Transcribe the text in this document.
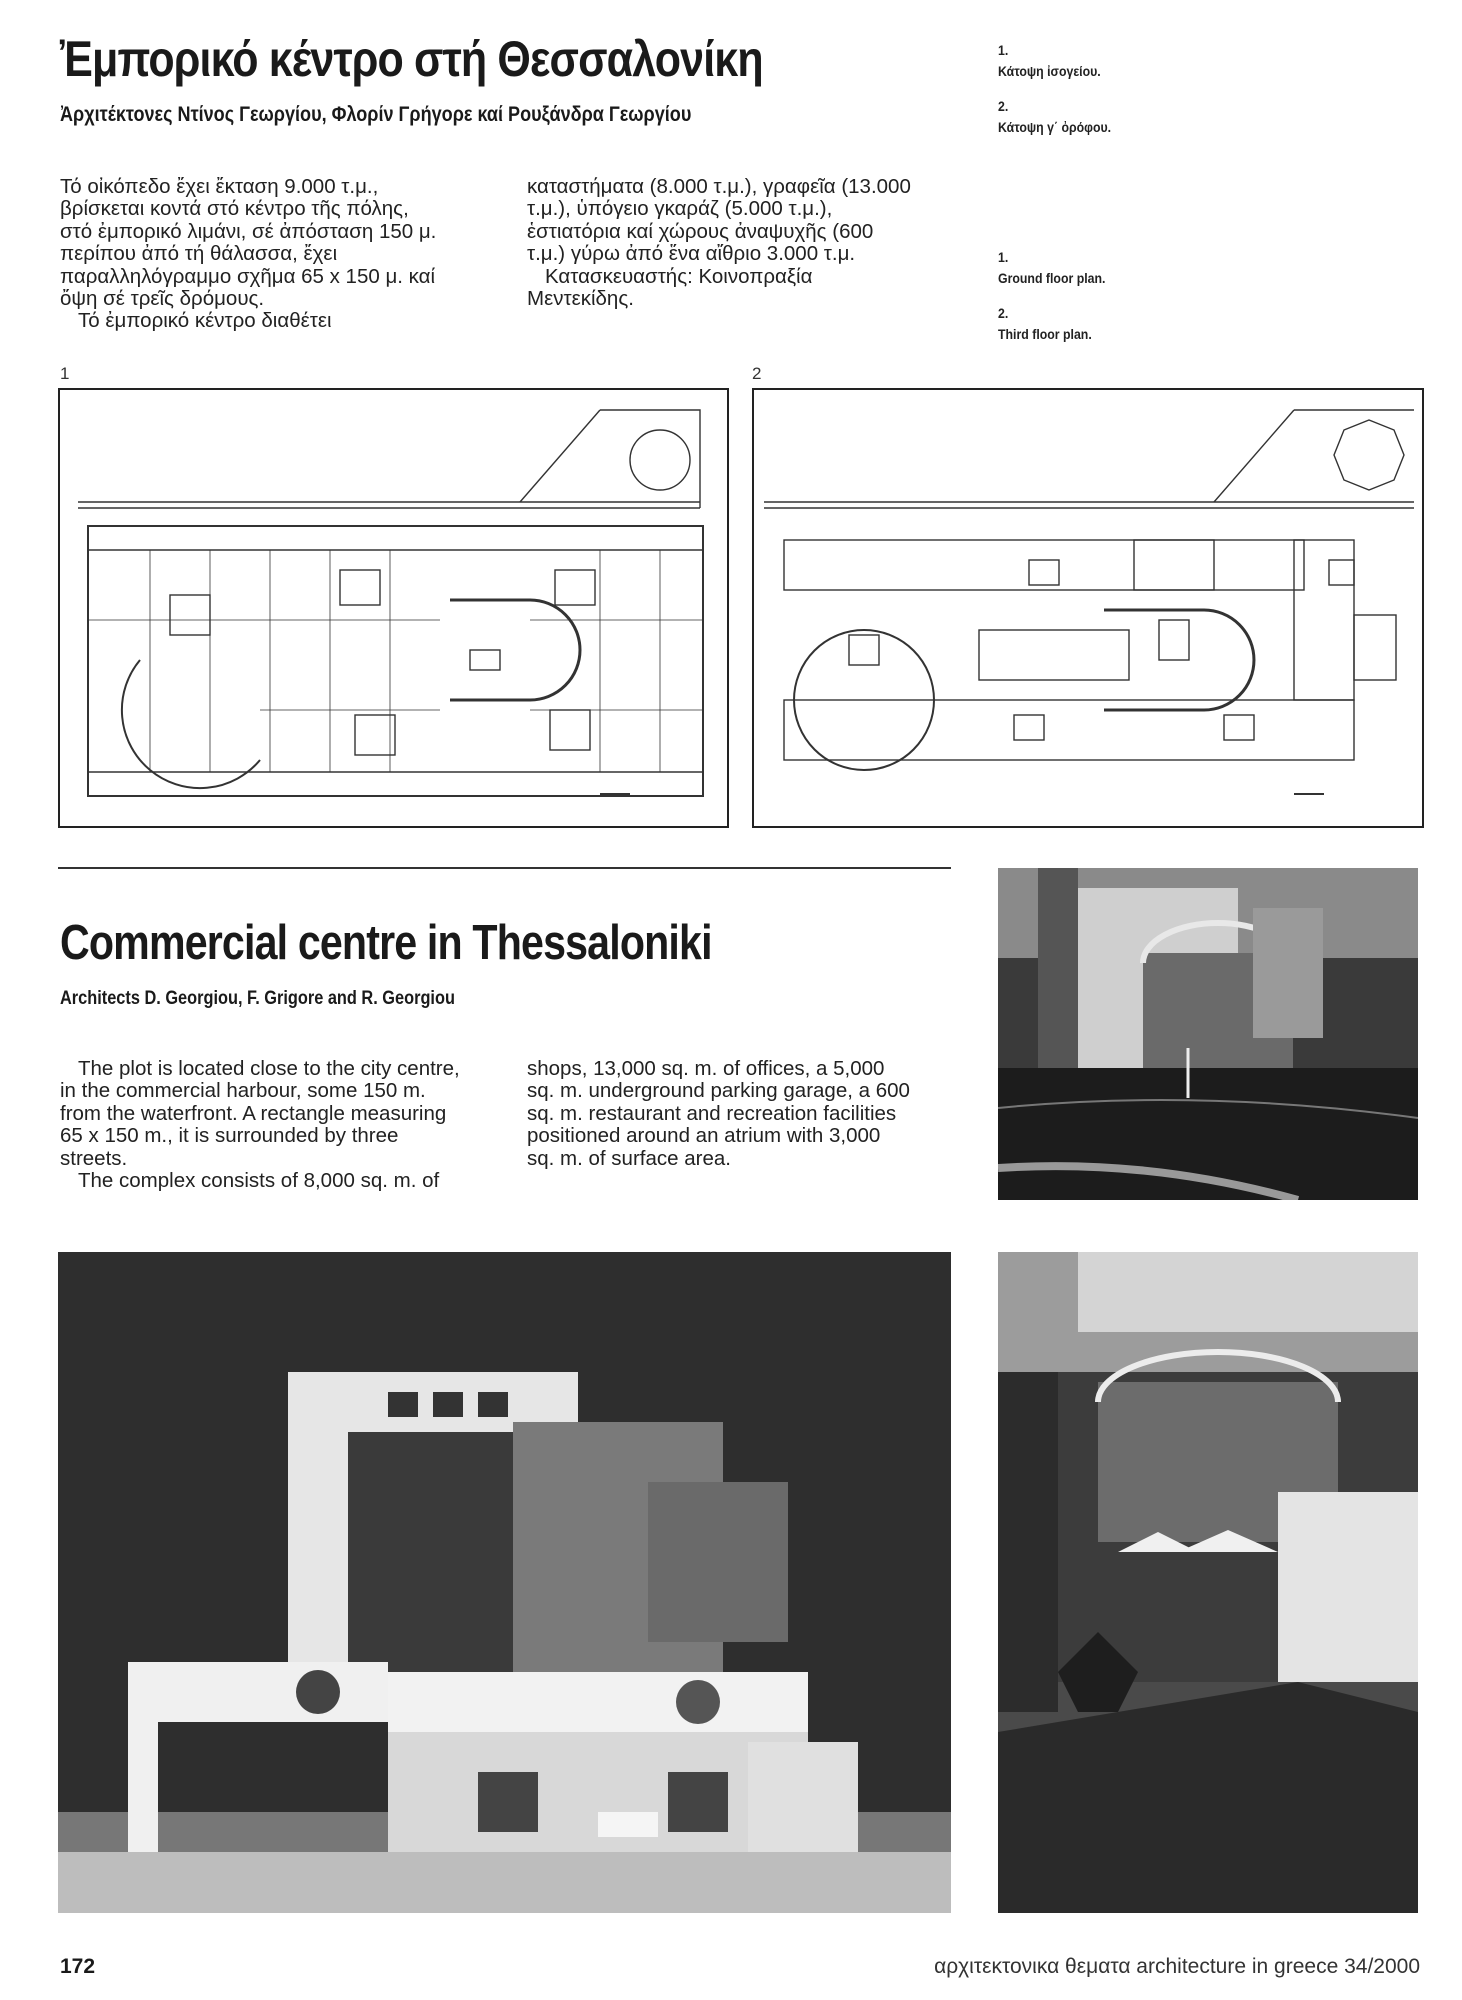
Ἐμπορικό κέντρο στή Θεσσαλονίκη
Ἀρχιτέκτονες Ντίνος Γεωργίου, Φλορίν Γρήγορε καί Ρουξάνδρα Γεωργίου
Τό οἰκόπεδο ἔχει ἔκταση 9.000 τ.μ.,
βρίσκεται κοντά στό κέντρο τῆς πόλης,
στό ἐμπορικό λιμάνι, σέ ἀπόσταση 150 μ.
περίπου ἀπό τή θάλασσα, ἔχει
παραλληλόγραμμο σχῆμα 65 x 150 μ. καί
ὄψη σέ τρεῖς δρόμους.
Τό ἐμπορικό κέντρο διαθέτει
καταστήματα (8.000 τ.μ.), γραφεῖα (13.000
τ.μ.), ὑπόγειο γκαράζ (5.000 τ.μ.),
ἑστιατόρια καί χώρους ἀναψυχῆς (600
τ.μ.) γύρω ἀπό ἕνα αἴθριο 3.000 τ.μ.
Κατασκευαστής: Κοινοπραξία
Μεντεκίδης.
1.
Κάτοψη ἰσογείου.
2.
Κάτοψη γ΄ ὀρόφου.
1.
Ground floor plan.
2.
Third floor plan.
1	2
Commercial centre in Thessaloniki
Architects D. Georgiou, F. Grigore and R. Georgiou
The plot is located close to the city centre,
in the commercial harbour, some 150 m.
from the waterfront. A rectangle measuring
65 x 150 m., it is surrounded by three
streets.
The complex consists of 8,000 sq. m. of
shops, 13,000 sq. m. of offices, a 5,000
sq. m. underground parking garage, a 600
sq. m. restaurant and recreation facilities
positioned around an atrium with 3,000
sq. m. of surface area.
172	αρχιτεκτονικα θεματα architecture in greece 34/2000
